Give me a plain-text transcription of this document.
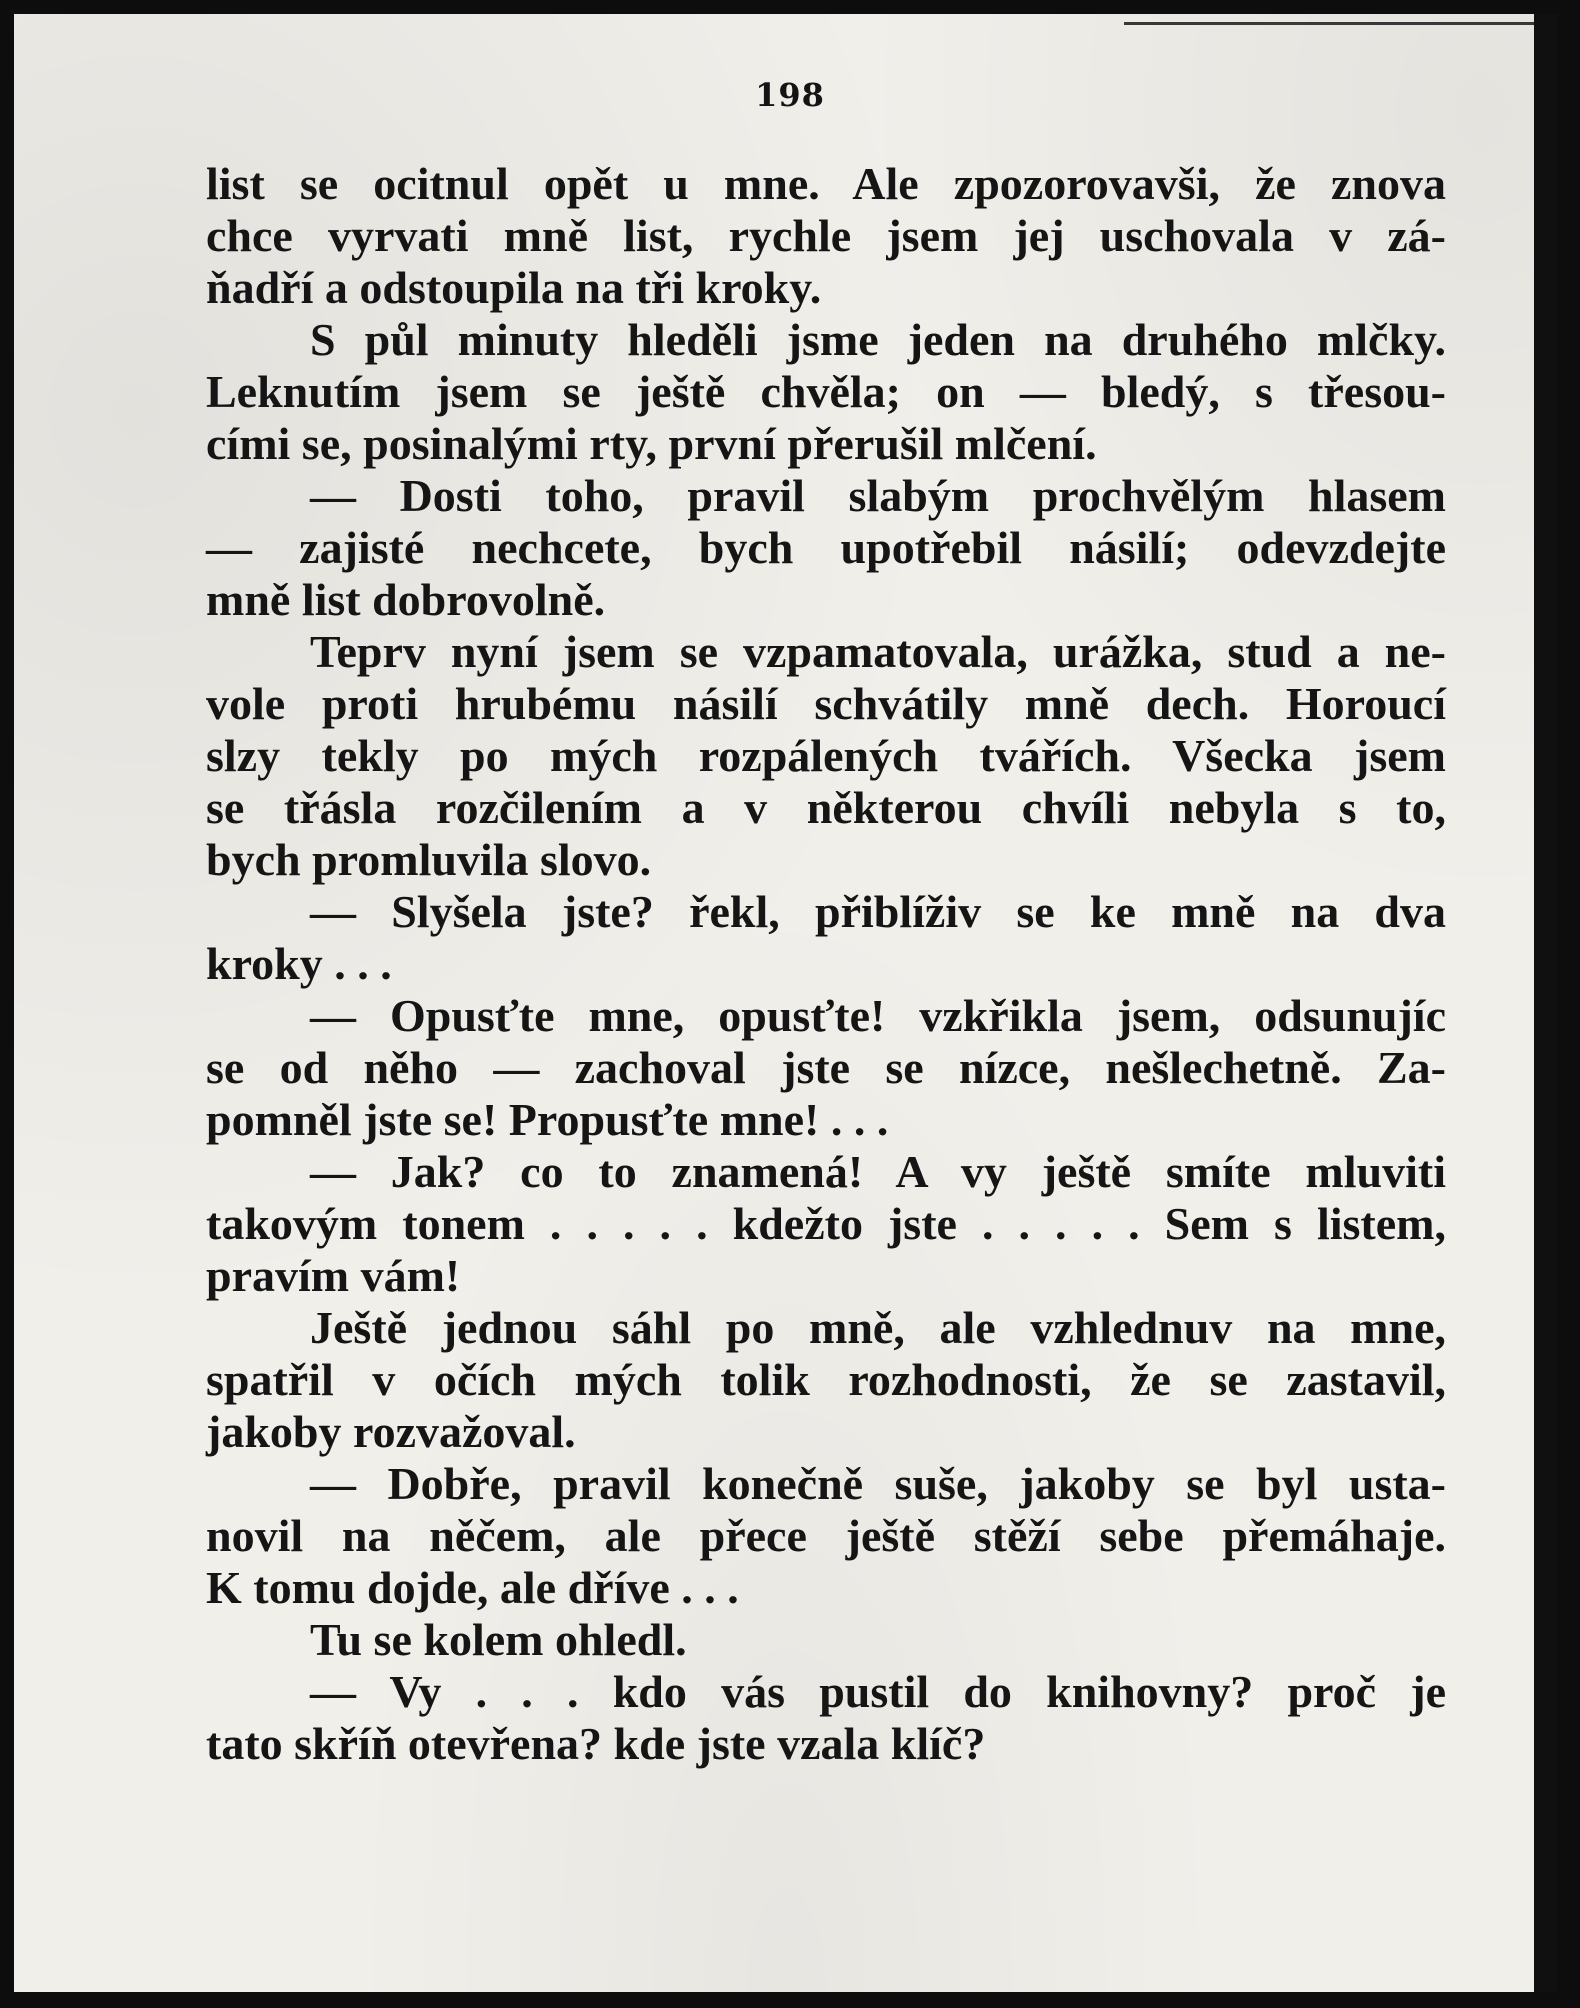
198
list se ocitnul opět u mne. Ale zpozorovavši, že znova
chce vyrvati mně list, rychle jsem jej uschovala v zá-
ňadří a odstoupila na tři kroky.
S půl minuty hleděli jsme jeden na druhého mlčky.
Leknutím jsem se ještě chvěla; on — bledý, s třesou-
cími se, posinalými rty, první přerušil mlčení.
— Dosti toho, pravil slabým prochvělým hlasem
— zajisté nechcete, bych upotřebil násilí; odevzdejte
mně list dobrovolně.
Teprv nyní jsem se vzpamatovala, urážka, stud a ne-
vole proti hrubému násilí schvátily mně dech. Horoucí
slzy tekly po mých rozpálených tvářích. Všecka jsem
se třásla rozčilením a v některou chvíli nebyla s to,
bych promluvila slovo.
— Slyšela jste? řekl, přiblíživ se ke mně na dva
kroky . . .
— Opusťte mne, opusťte! vzkřikla jsem, odsunujíc
se od něho — zachoval jste se nízce, nešlechetně. Za-
pomněl jste se! Propusťte mne! . . .
— Jak? co to znamená! A vy ještě smíte mluviti
takovým tonem . . . . . kdežto jste . . . . . Sem s listem,
pravím vám!
Ještě jednou sáhl po mně, ale vzhlednuv na mne,
spatřil v očích mých tolik rozhodnosti, že se zastavil,
jakoby rozvažoval.
— Dobře, pravil konečně suše, jakoby se byl usta-
novil na něčem, ale přece ještě stěží sebe přemáhaje.
K tomu dojde, ale dříve . . .
Tu se kolem ohledl.
— Vy . . . kdo vás pustil do knihovny? proč je
tato skříň otevřena? kde jste vzala klíč?
